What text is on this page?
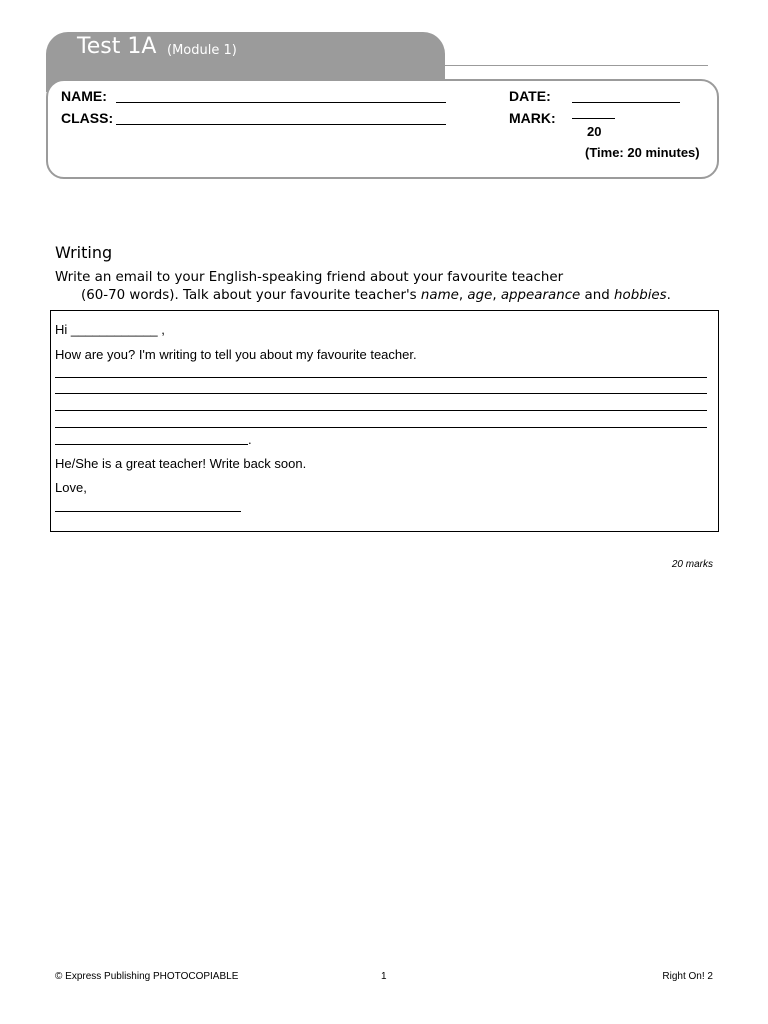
Test 1A (Module 1)
NAME:
CLASS:
DATE:
MARK:
20
(Time: 20 minutes)
Writing
Write an email to your English-speaking friend about your favourite teacher
(60-70 words). Talk about your favourite teacher's name, age, appearance and hobbies.
Hi ____________ ,
How are you? I'm writing to tell you about my favourite teacher.
.
He/She is a great teacher! Write back soon.
Love,
20 marks
© Express Publishing PHOTOCOPIABLE	1	Right On! 2
